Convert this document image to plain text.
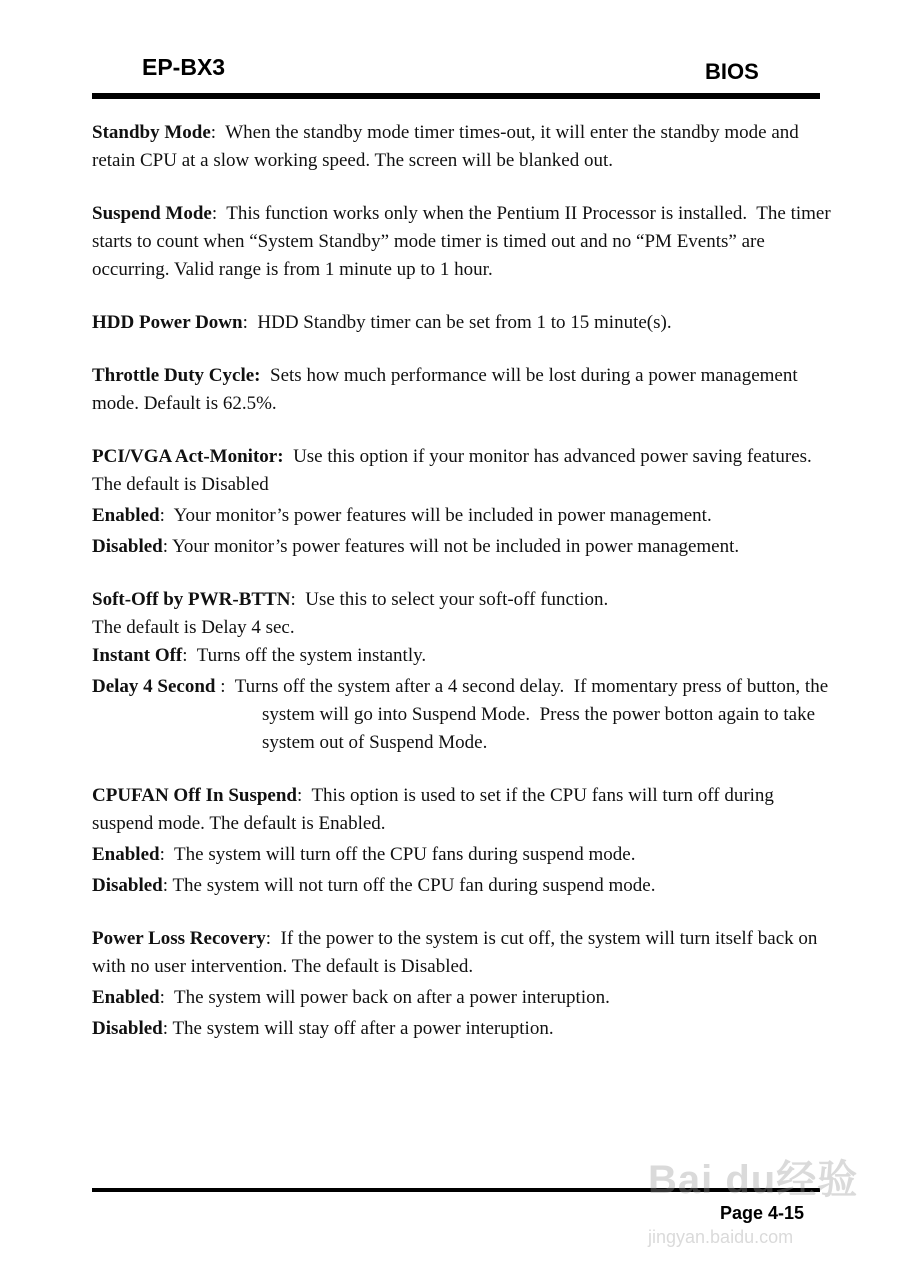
EP-BX3	BIOS

Standby Mode:  When the standby mode timer times-out, it will enter the standby mode and retain CPU at a slow working speed. The screen will be blanked out.

Suspend Mode:  This function works only when the Pentium II Processor is installed.  The timer starts to count when “System Standby” mode timer is timed out and no “PM Events” are occurring. Valid range is from 1 minute up to 1 hour.

HDD Power Down:  HDD Standby timer can be set from 1 to 15 minute(s).

Throttle Duty Cycle: Sets how much performance will be lost during a power management mode. Default is 62.5%.

PCI/VGA Act-Monitor: Use this option if your monitor has advanced power saving features. The default is Disabled

Enabled:  Your monitor’s power features will be included in power management.

Disabled: Your monitor’s power features will not be included in power management.

Soft-Off by PWR-BTTN:  Use this to select your soft-off function.

The default is Delay 4 sec.

Instant Off:  Turns off the system instantly.

Delay 4 Second :  Turns off the system after a 4 second delay.  If momentary press of button, the system will go into Suspend Mode.  Press the power botton again to take system out of Suspend Mode.

CPUFAN Off In Suspend:  This option is used to set if the CPU fans will turn off during suspend mode. The default is Enabled.

Enabled:  The system will turn off the CPU fans during suspend mode.

Disabled: The system will not turn off the CPU fan during suspend mode.

Power Loss Recovery:  If the power to the system is cut off, the system will turn itself back on with no user intervention. The default is Disabled.

Enabled:  The system will power back on after a power interuption.

Disabled: The system will stay off after a power interuption.

Bai du经验
jingyan.baidu.com
Page 4-15
